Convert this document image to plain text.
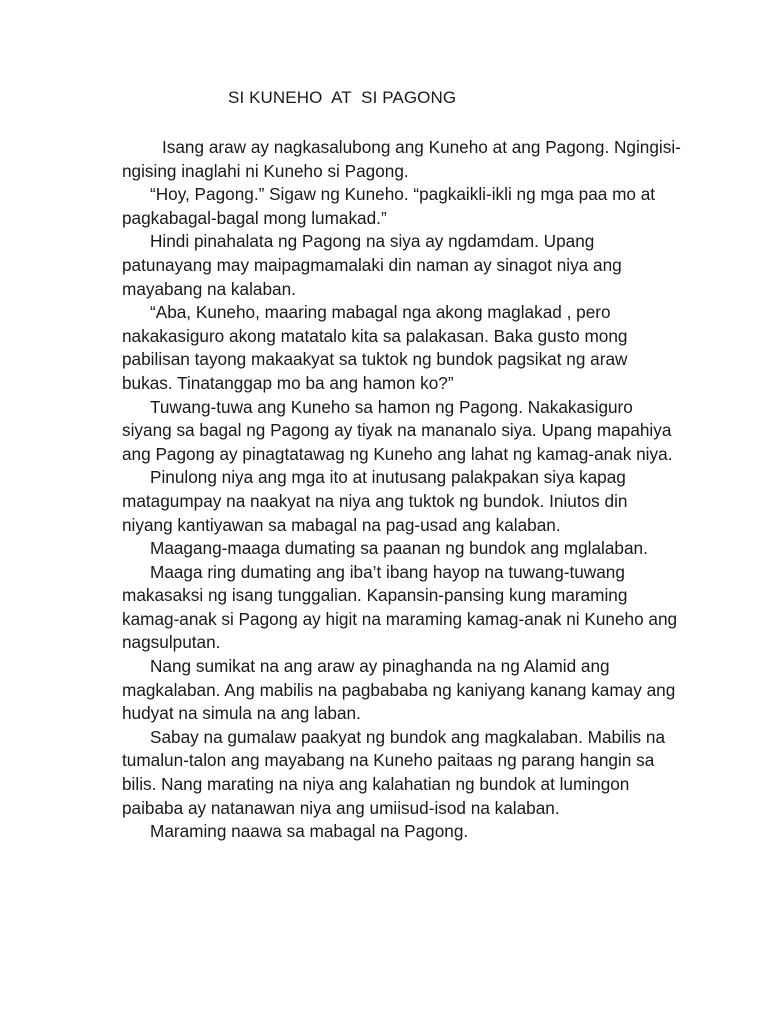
SI KUNEHO  AT  SI PAGONG

Isang araw ay nagkasalubong ang Kuneho at ang Pagong. Ngingisi-ngising inaglahi ni Kuneho si Pagong.

“Hoy, Pagong.” Sigaw ng Kuneho. “pagkaikli-ikli ng mga paa mo at pagkabagal-bagal mong lumakad.”

Hindi pinahalata ng Pagong na siya ay ngdamdam. Upang patunayang may maipagmamalaki din naman ay sinagot niya ang mayabang na kalaban.

“Aba, Kuneho, maaring mabagal nga akong maglakad , pero nakakasiguro akong matatalo kita sa palakasan. Baka gusto mong pabilisan tayong makaakyat sa tuktok ng bundok pagsikat ng araw bukas. Tinatanggap mo ba ang hamon ko?”

Tuwang-tuwa ang Kuneho sa hamon ng Pagong. Nakakasiguro siyang sa bagal ng Pagong ay tiyak na mananalo siya. Upang mapahiya ang Pagong ay pinagtatawag ng Kuneho ang lahat ng kamag-anak niya.

Pinulong niya ang mga ito at inutusang palakpakan siya kapag matagumpay na naakyat na niya ang tuktok ng bundok. Iniutos din niyang kantiyawan sa mabagal na pag-usad ang kalaban.

Maagang-maaga dumating sa paanan ng bundok ang mglalaban.

Maaga ring dumating ang iba’t ibang hayop na tuwang-tuwang makasaksi ng isang tunggalian. Kapansin-pansing kung maraming kamag-anak si Pagong ay higit na maraming kamag-anak ni Kuneho ang nagsulputan.

Nang sumikat na ang araw ay pinaghanda na ng Alamid ang magkalaban. Ang mabilis na pagbababa ng kaniyang kanang kamay ang hudyat na simula na ang laban.

Sabay na gumalaw paakyat ng bundok ang magkalaban. Mabilis na tumalun-talon ang mayabang na Kuneho paitaas ng parang hangin sa bilis. Nang marating na niya ang kalahatian ng bundok at lumingon paibaba ay natanawan niya ang umiisud-isod na kalaban.

Maraming naawa sa mabagal na Pagong.
